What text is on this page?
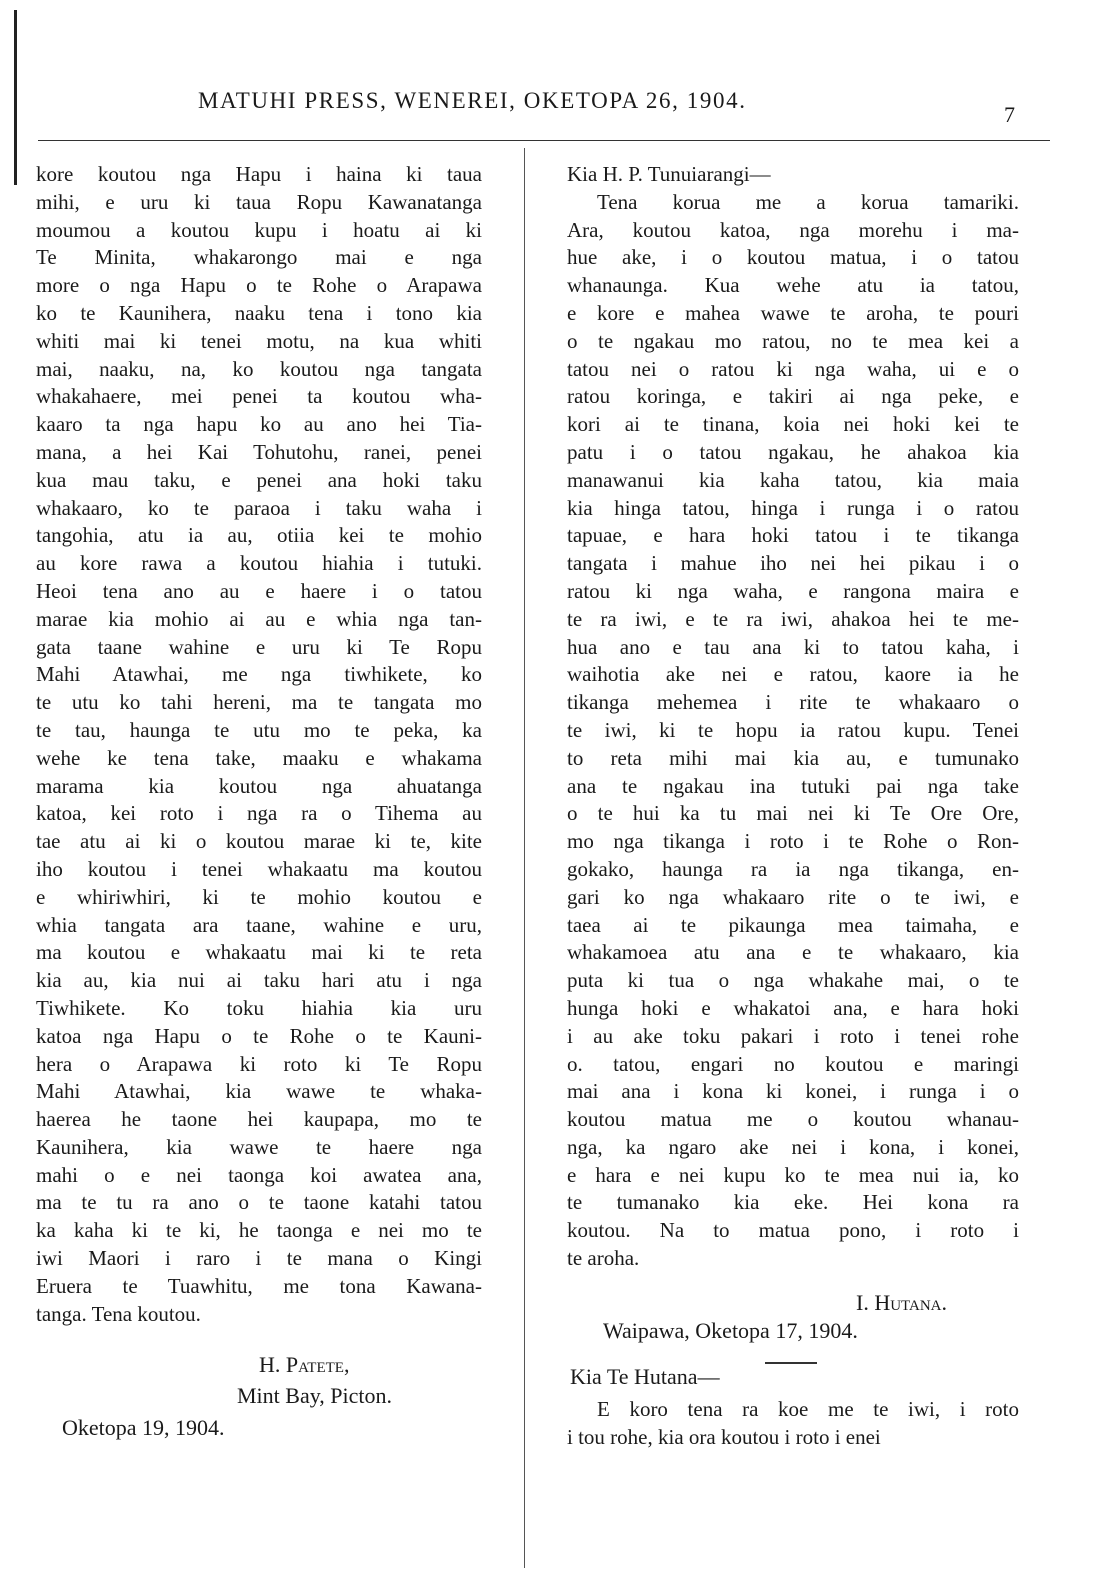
MATUHI PRESS, WENEREI, OKETOPA 26, 1904.
7
kore koutou nga Hapu i haina ki taua
mihi, e uru ki taua Ropu Kawanatanga
moumou a koutou kupu i hoatu ai ki
Te Minita, whakarongo mai e nga
more o nga Hapu o te Rohe o Arapawa
ko te Kaunihera, naaku tena i tono kia
whiti mai ki tenei motu, na kua whiti
mai, naaku, na, ko koutou nga tangata
whakahaere, mei penei ta koutou wha-
kaaro ta nga hapu ko au ano hei Tia-
mana, a hei Kai Tohutohu, ranei, penei
kua mau taku, e penei ana hoki taku
whakaaro, ko te paraoa i taku waha i
tangohia, atu ia au, otiia kei te mohio
au kore rawa a koutou hiahia i tutuki.
Heoi tena ano au e haere i o tatou
marae kia mohio ai au e whia nga tan-
gata taane wahine e uru ki Te Ropu
Mahi Atawhai, me nga tiwhikete, ko
te utu ko tahi hereni, ma te tangata mo
te tau, haunga te utu mo te peka, ka
wehe ke tena take, maaku e whakama
marama kia koutou nga ahuatanga
katoa, kei roto i nga ra o Tihema au
tae atu ai ki o koutou marae ki te, kite
iho koutou i tenei whakaatu ma koutou
e whiriwhiri, ki te mohio koutou e
whia tangata ara taane, wahine e uru,
ma koutou e whakaatu mai ki te reta
kia au, kia nui ai taku hari atu i nga
Tiwhikete. Ko toku hiahia kia uru
katoa nga Hapu o te Rohe o te Kauni-
hera o Arapawa ki roto ki Te Ropu
Mahi Atawhai, kia wawe te whaka-
haerea he taone hei kaupapa, mo te
Kaunihera, kia wawe te haere nga
mahi o e nei taonga koi awatea ana,
ma te tu ra ano o te taone katahi tatou
ka kaha ki te ki, he taonga e nei mo te
iwi Maori i raro i te mana o Kingi
Eruera te Tuawhitu, me tona Kawana-
tanga. Tena koutou.
H. Patete,
Mint Bay, Picton.
Oketopa 19, 1904.
Kia H. P. Tunuiarangi—
Tena korua me a korua tamariki.
Ara, koutou katoa, nga morehu i ma-
hue ake, i o koutou matua, i o tatou
whanaunga. Kua wehe atu ia tatou,
e kore e mahea wawe te aroha, te pouri
o te ngakau mo ratou, no te mea kei a
tatou nei o ratou ki nga waha, ui e o
ratou koringa, e takiri ai nga peke, e
kori ai te tinana, koia nei hoki kei te
patu i o tatou ngakau, he ahakoa kia
manawanui kia kaha tatou, kia maia
kia hinga tatou, hinga i runga i o ratou
tapuae, e hara hoki tatou i te tikanga
tangata i mahue iho nei hei pikau i o
ratou ki nga waha, e rangona maira e
te ra iwi, e te ra iwi, ahakoa hei te me-
hua ano e tau ana ki to tatou kaha, i
waihotia ake nei e ratou, kaore ia he
tikanga mehemea i rite te whakaaro o
te iwi, ki te hopu ia ratou kupu. Tenei
to reta mihi mai kia au, e tumunako
ana te ngakau ina tutuki pai nga take
o te hui ka tu mai nei ki Te Ore Ore,
mo nga tikanga i roto i te Rohe o Ron-
gokako, haunga ra ia nga tikanga, en-
gari ko nga whakaaro rite o te iwi, e
taea ai te pikaunga mea taimaha, e
whakamoea atu ana e te whakaaro, kia
puta ki tua o nga whakahe mai, o te
hunga hoki e whakatoi ana, e hara hoki
i au ake toku pakari i roto i tenei rohe
o. tatou, engari no koutou e maringi
mai ana i kona ki konei, i runga i o
koutou matua me o koutou whanau-
nga, ka ngaro ake nei i kona, i konei,
e hara e nei kupu ko te mea nui ia, ko
te tumanako kia eke. Hei kona ra
koutou. Na to matua pono, i roto i
te aroha.
I. Hutana.
Waipawa, Oketopa 17, 1904.
Kia Te Hutana—
E koro tena ra koe me te iwi, i roto
i tou rohe, kia ora koutou i roto i enei
